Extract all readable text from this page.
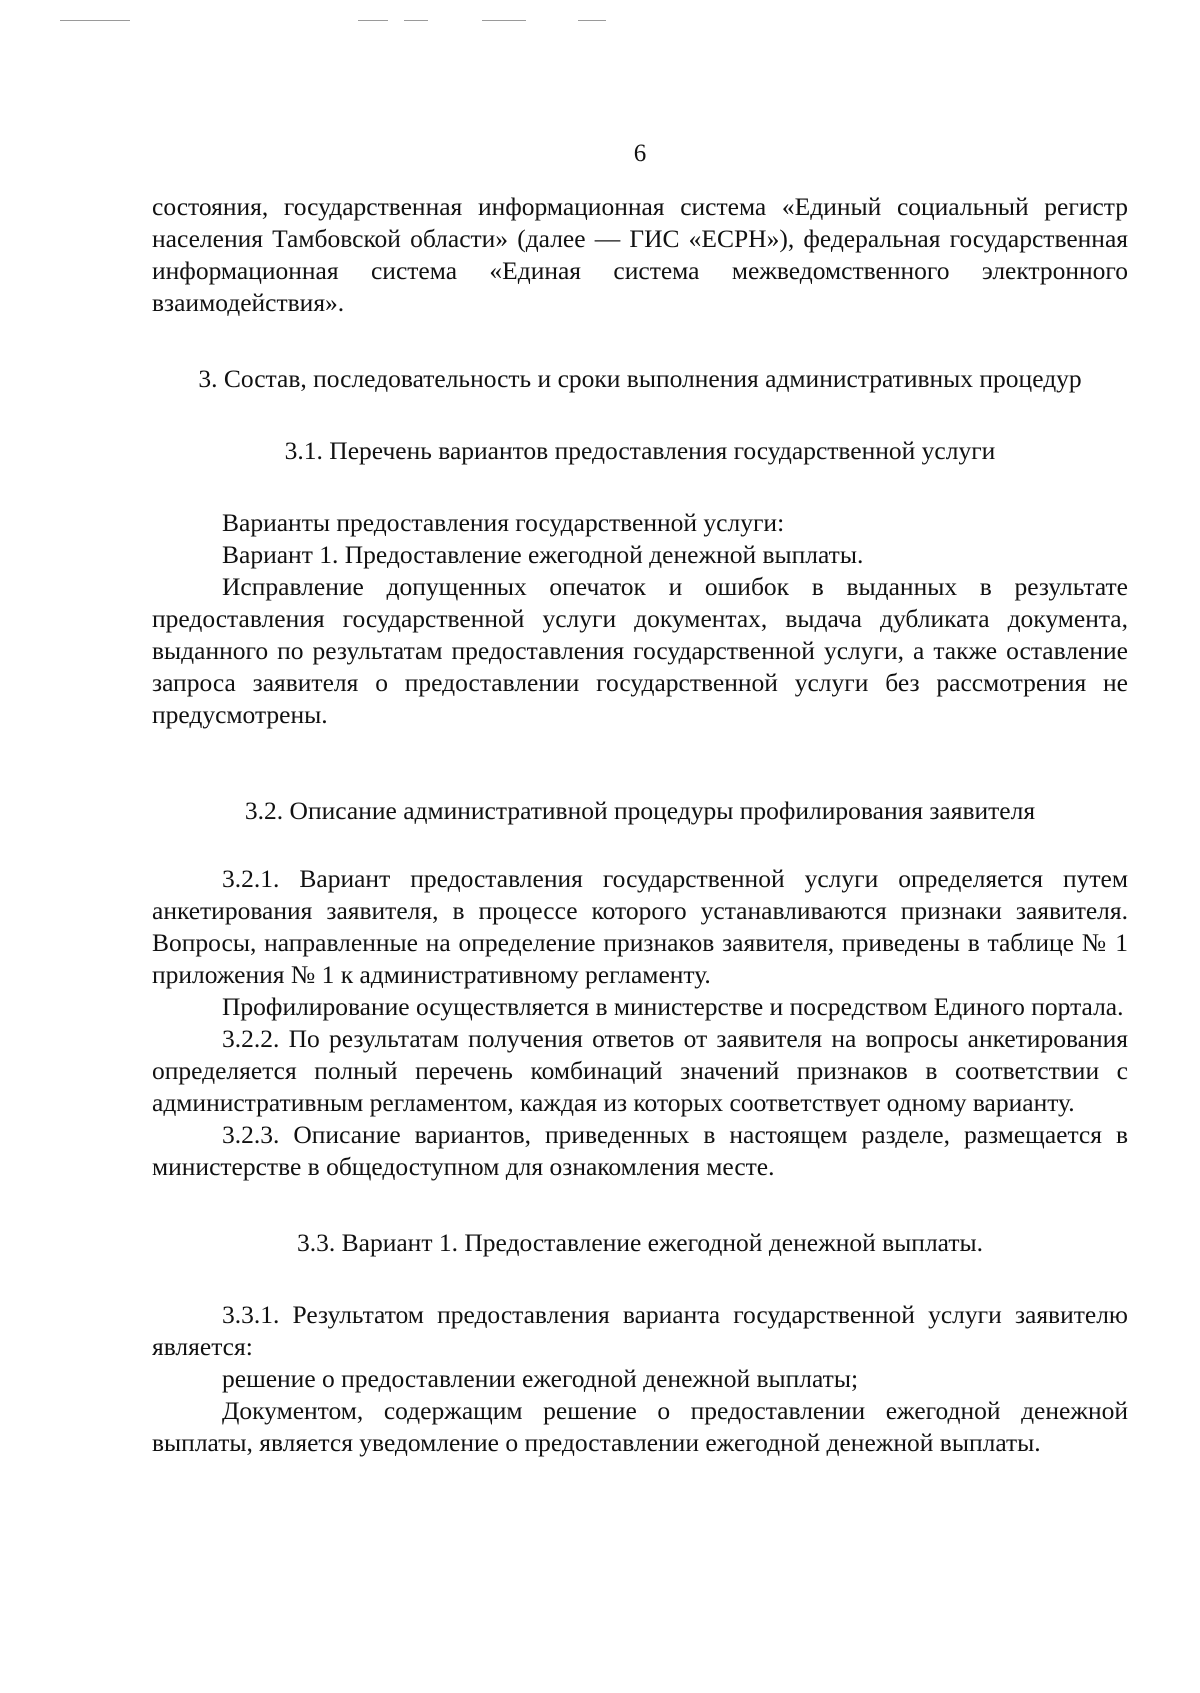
6

состояния, государственная информационная система «Единый социальный регистр населения Тамбовской области» (далее — ГИС «ЕСРН»), федеральная государственная информационная система «Единая система межведомственного электронного взаимодействия».

3. Состав, последовательность и сроки выполнения административных процедур
3.1. Перечень вариантов предоставления государственной услуги

Варианты предоставления государственной услуги:

Вариант 1. Предоставление ежегодной денежной выплаты.

Исправление допущенных опечаток и ошибок в выданных в результате предоставления государственной услуги документах, выдача дубликата документа, выданного по результатам предоставления государственной услуги, а также оставление запроса заявителя о предоставлении государственной услуги без рассмотрения не предусмотрены.

3.2. Описание административной процедуры профилирования заявителя

3.2.1. Вариант предоставления государственной услуги определяется путем анкетирования заявителя, в процессе которого устанавливаются признаки заявителя. Вопросы, направленные на определение признаков заявителя, приведены в таблице № 1 приложения № 1 к административному регламенту.

Профилирование осуществляется в министерстве и посредством Единого портала.

3.2.2. По результатам получения ответов от заявителя на вопросы анкетирования определяется полный перечень комбинаций значений признаков в соответствии с административным регламентом, каждая из которых соответствует одному варианту.

3.2.3. Описание вариантов, приведенных в настоящем разделе, размещается в министерстве в общедоступном для ознакомления месте.

3.3. Вариант 1. Предоставление ежегодной денежной выплаты.

3.3.1. Результатом предоставления варианта государственной услуги заявителю является:

решение о предоставлении ежегодной денежной выплаты;

Документом, содержащим решение о предоставлении ежегодной денежной выплаты, является уведомление о предоставлении ежегодной денежной выплаты.
